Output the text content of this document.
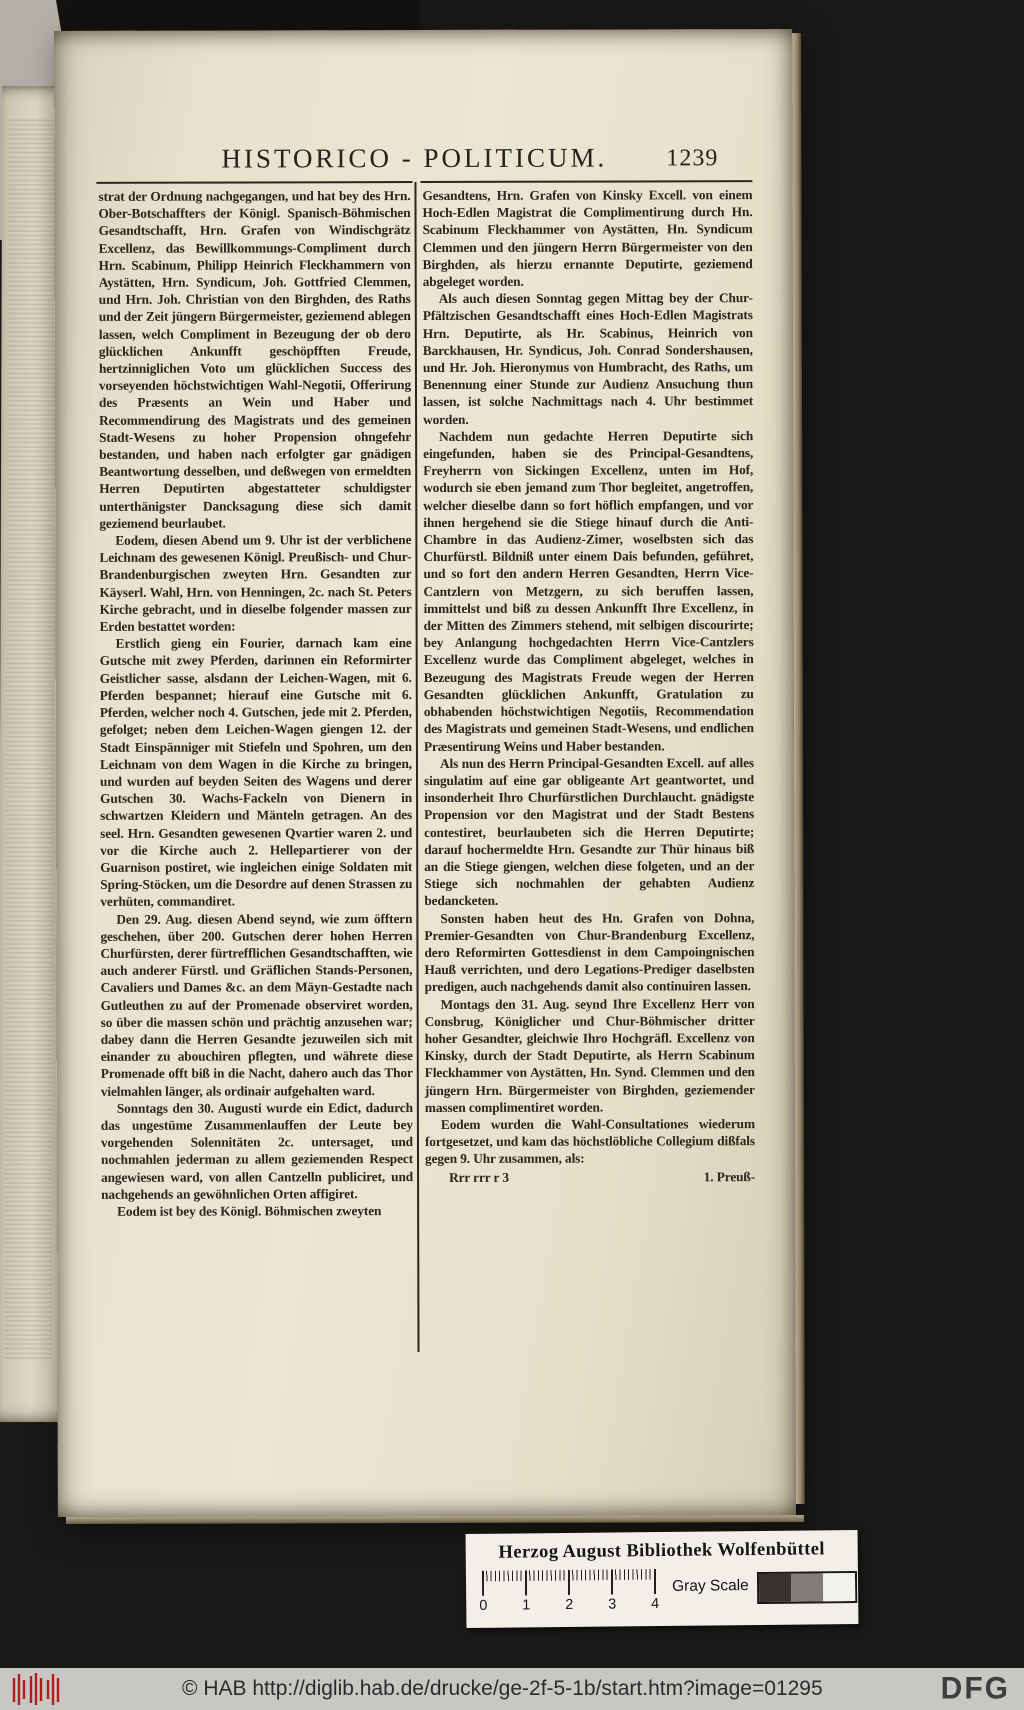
HISTORICO - POLITICUM.	1239

strat der Ordnung nachgegangen, und hat bey des Hrn. Ober-Botschaffters der Königl. Spanisch-Böhmischen Gesandtschafft, Hrn. Grafen von Windischgrätz Excellenz, das Bewillkommungs-Compliment durch Hrn. Scabinum, Philipp Heinrich Fleckhammern von Aystätten, Hrn. Syndicum, Joh. Gottfried Clemmen, und Hrn. Joh. Christian von den Birghden, des Raths und der Zeit jüngern Bürgermeister, geziemend ablegen lassen, welch Compliment in Bezeugung der ob dero glücklichen Ankunfft geschöpfften Freude, hertzinniglichen Voto um glücklichen Success des vorseyenden höchstwichtigen Wahl-Negotii, Offerirung des Præsents an Wein und Haber und Recommendirung des Magistrats und des gemeinen Stadt-Wesens zu hoher Propension ohngefehr bestanden, und haben nach erfolgter gar gnädigen Beantwortung desselben, und deßwegen von ermeldten Herren Deputirten abgestatteter schuldigster unterthänigster Dancksagung diese sich damit geziemend beurlaubet.

Eodem, diesen Abend um 9. Uhr ist der verblichene Leichnam des gewesenen Königl. Preußisch- und Chur-Brandenburgischen zweyten Hrn. Gesandten zur Käyserl. Wahl, Hrn. von Henningen, 2c. nach St. Peters Kirche gebracht, und in dieselbe folgender massen zur Erden bestattet worden:

Erstlich gieng ein Fourier, darnach kam eine Gutsche mit zwey Pferden, darinnen ein Reformirter Geistlicher sasse, alsdann der Leichen-Wagen, mit 6. Pferden bespannet; hierauf eine Gutsche mit 6. Pferden, welcher noch 4. Gutschen, jede mit 2. Pferden, gefolget; neben dem Leichen-Wagen giengen 12. der Stadt Einspänniger mit Stiefeln und Spohren, um den Leichnam von dem Wagen in die Kirche zu bringen, und wurden auf beyden Seiten des Wagens und derer Gutschen 30. Wachs-Fackeln von Dienern in schwartzen Kleidern und Mänteln getragen. An des seel. Hrn. Gesandten gewesenen Qvartier waren 2. und vor die Kirche auch 2. Hellepartierer von der Guarnison postiret, wie ingleichen einige Soldaten mit Spring-Stöcken, um die Desordre auf denen Strassen zu verhüten, commandiret.

Den 29. Aug. diesen Abend seynd, wie zum öfftern geschehen, über 200. Gutschen derer hohen Herren Churfürsten, derer fürtrefflichen Gesandtschafften, wie auch anderer Fürstl. und Gräflichen Stands-Personen, Cavaliers und Dames &c. an dem Mäyn-Gestadte nach Gutleuthen zu auf der Promenade observiret worden, so über die massen schön und prächtig anzusehen war; dabey dann die Herren Gesandte jezuweilen sich mit einander zu abouchiren pflegten, und währete diese Promenade offt biß in die Nacht, dahero auch das Thor vielmahlen länger, als ordinair aufgehalten ward.

Sonntags den 30. Augusti wurde ein Edict, dadurch das ungestüme Zusammenlauffen der Leute bey vorgehenden Solennitäten 2c. untersaget, und nochmahlen jederman zu allem geziemenden Respect angewiesen ward, von allen Cantzelln publiciret, und nachgehends an gewöhnlichen Orten affigiret.

Eodem ist bey des Königl. Böhmischen zweyten

Gesandtens, Hrn. Grafen von Kinsky Excell. von einem Hoch-Edlen Magistrat die Complimentirung durch Hn. Scabinum Fleckhammer von Aystätten, Hn. Syndicum Clemmen und den jüngern Herrn Bürgermeister von den Birghden, als hierzu ernannte Deputirte, geziemend abgeleget worden.

Als auch diesen Sonntag gegen Mittag bey der Chur-Pfältzischen Gesandtschafft eines Hoch-Edlen Magistrats Hrn. Deputirte, als Hr. Scabinus, Heinrich von Barckhausen, Hr. Syndicus, Joh. Conrad Sondershausen, und Hr. Joh. Hieronymus von Humbracht, des Raths, um Benennung einer Stunde zur Audienz Ansuchung thun lassen, ist solche Nachmittags nach 4. Uhr bestimmet worden.

Nachdem nun gedachte Herren Deputirte sich eingefunden, haben sie des Principal-Gesandtens, Freyherrn von Sickingen Excellenz, unten im Hof, wodurch sie eben jemand zum Thor begleitet, angetroffen, welcher dieselbe dann so fort höflich empfangen, und vor ihnen hergehend sie die Stiege hinauf durch die Anti-Chambre in das Audienz-Zimer, woselbsten sich das Churfürstl. Bildniß unter einem Dais befunden, geführet, und so fort den andern Herren Gesandten, Herrn Vice-Cantzlern von Metzgern, zu sich beruffen lassen, immittelst und biß zu dessen Ankunfft Ihre Excellenz, in der Mitten des Zimmers stehend, mit selbigen discourirte; bey Anlangung hochgedachten Herrn Vice-Cantzlers Excellenz wurde das Compliment abgeleget, welches in Bezeugung des Magistrats Freude wegen der Herren Gesandten glücklichen Ankunfft, Gratulation zu obhabenden höchstwichtigen Negotiis, Recommendation des Magistrats und gemeinen Stadt-Wesens, und endlichen Præsentirung Weins und Haber bestanden.

Als nun des Herrn Principal-Gesandten Excell. auf alles singulatim auf eine gar obligeante Art geantwortet, und insonderheit Ihro Churfürstlichen Durchlaucht. gnädigste Propension vor den Magistrat und der Stadt Bestens contestiret, beurlaubeten sich die Herren Deputirte; darauf hochermeldte Hrn. Gesandte zur Thür hinaus biß an die Stiege giengen, welchen diese folgeten, und an der Stiege sich nochmahlen der gehabten Audienz bedancketen.

Sonsten haben heut des Hn. Grafen von Dohna, Premier-Gesandten von Chur-Brandenburg Excellenz, dero Reformirten Gottesdienst in dem Campoingnischen Hauß verrichten, und dero Legations-Prediger daselbsten predigen, auch nachgehends damit also continuiren lassen.

Montags den 31. Aug. seynd Ihre Excellenz Herr von Consbrug, Königlicher und Chur-Böhmischer dritter hoher Gesandter, gleichwie Ihro Hochgräfl. Excellenz von Kinsky, durch der Stadt Deputirte, als Herrn Scabinum Fleckhammer von Aystätten, Hn. Synd. Clemmen und den jüngern Hrn. Bürgermeister von Birghden, geziemender massen complimentiret worden.

Eodem wurden die Wahl-Consultationes wiederum fortgesetzet, und kam das höchstlöbliche Collegium dißfals gegen 9. Uhr zusammen, als:

Rrr rrr r 3	1. Preuß-
Herzog August Bibliothek Wolfenbüttel
0 1 2 3 4
Gray Scale
© HAB http://diglib.hab.de/drucke/ge-2f-5-1b/start.htm?image=01295	DFG
